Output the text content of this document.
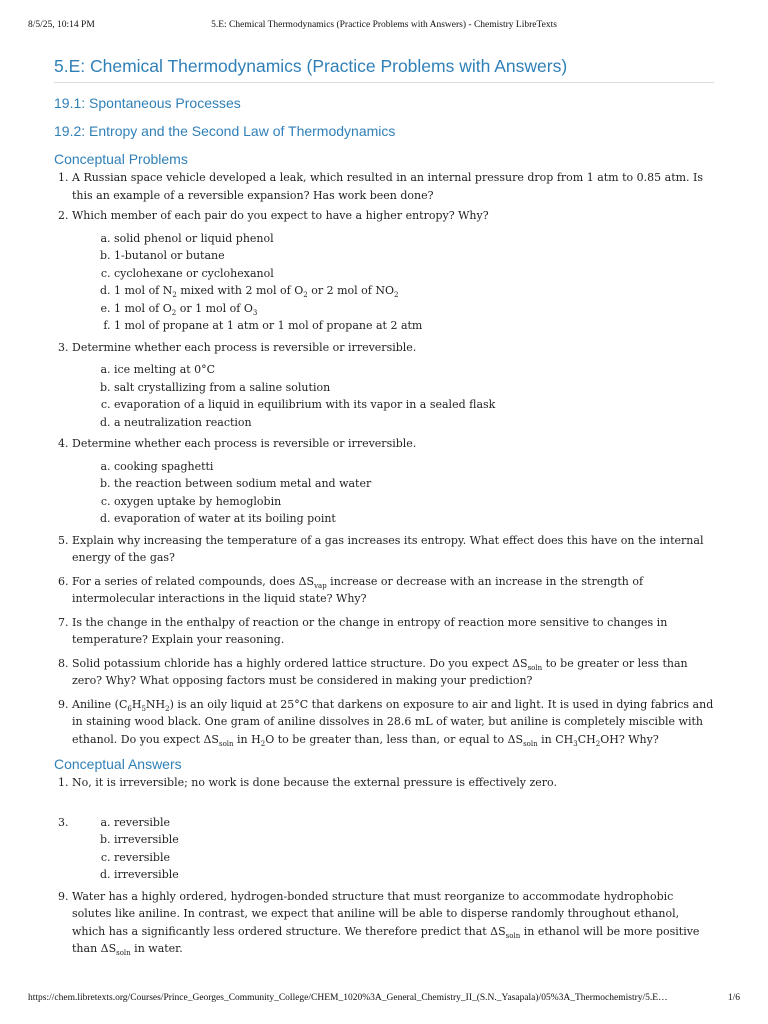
8/5/25, 10:14 PM	5.E: Chemical Thermodynamics (Practice Problems with Answers) - Chemistry LibreTexts
5.E: Chemical Thermodynamics (Practice Problems with Answers)
19.1: Spontaneous Processes
19.2: Entropy and the Second Law of Thermodynamics
Conceptual Problems
1. A Russian space vehicle developed a leak, which resulted in an internal pressure drop from 1 atm to 0.85 atm. Is this an example of a reversible expansion? Has work been done?
2. Which member of each pair do you expect to have a higher entropy? Why?
a. solid phenol or liquid phenol
b. 1-butanol or butane
c. cyclohexane or cyclohexanol
d. 1 mol of $N_2$ mixed with 2 mol of $O_2$ or 2 mol of $NO_2$
e. 1 mol of $O_2$ or 1 mol of $O_3$
f. 1 mol of propane at 1 atm or 1 mol of propane at 2 atm
3. Determine whether each process is reversible or irreversible.
a. ice melting at 0°C
b. salt crystallizing from a saline solution
c. evaporation of a liquid in equilibrium with its vapor in a sealed flask
d. a neutralization reaction
4. Determine whether each process is reversible or irreversible.
a. cooking spaghetti
b. the reaction between sodium metal and water
c. oxygen uptake by hemoglobin
d. evaporation of water at its boiling point
5. Explain why increasing the temperature of a gas increases its entropy. What effect does this have on the internal energy of the gas?
6. For a series of related compounds, does $\Delta S_{vap}$ increase or decrease with an increase in the strength of intermolecular interactions in the liquid state? Why?
7. Is the change in the enthalpy of reaction or the change in entropy of reaction more sensitive to changes in temperature? Explain your reasoning.
8. Solid potassium chloride has a highly ordered lattice structure. Do you expect $\Delta S_{soln}$ to be greater or less than zero? Why? What opposing factors must be considered in making your prediction?
9. Aniline $(C_6H_5NH_2)$ is an oily liquid at 25°C that darkens on exposure to air and light. It is used in dying fabrics and in staining wood black. One gram of aniline dissolves in 28.6 mL of water, but aniline is completely miscible with ethanol. Do you expect $\Delta S_{soln}$ in $H_2O$ to be greater than, less than, or equal to $\Delta S_{soln}$ in $CH_3CH_2OH$? Why?
Conceptual Answers
1. No, it is irreversible; no work is done because the external pressure is effectively zero.
a. 3. reversible
b. irreversible
c. reversible
d. irreversible
9. Water has a highly ordered, hydrogen-bonded structure that must reorganize to accommodate hydrophobic solutes like aniline. In contrast, we expect that aniline will be able to disperse randomly throughout ethanol, which has a significantly less ordered structure. We therefore predict that $\Delta S_{soln}$ in ethanol will be more positive than $\Delta S_{soln}$ in water.
https://chem.libretexts.org/Courses/Prince_Georges_Community_College/CHEM_1020%3A_General_Chemistry_II_(S.N._Yasapala)/05%3A_Thermochemistry/5.E…	1/6
